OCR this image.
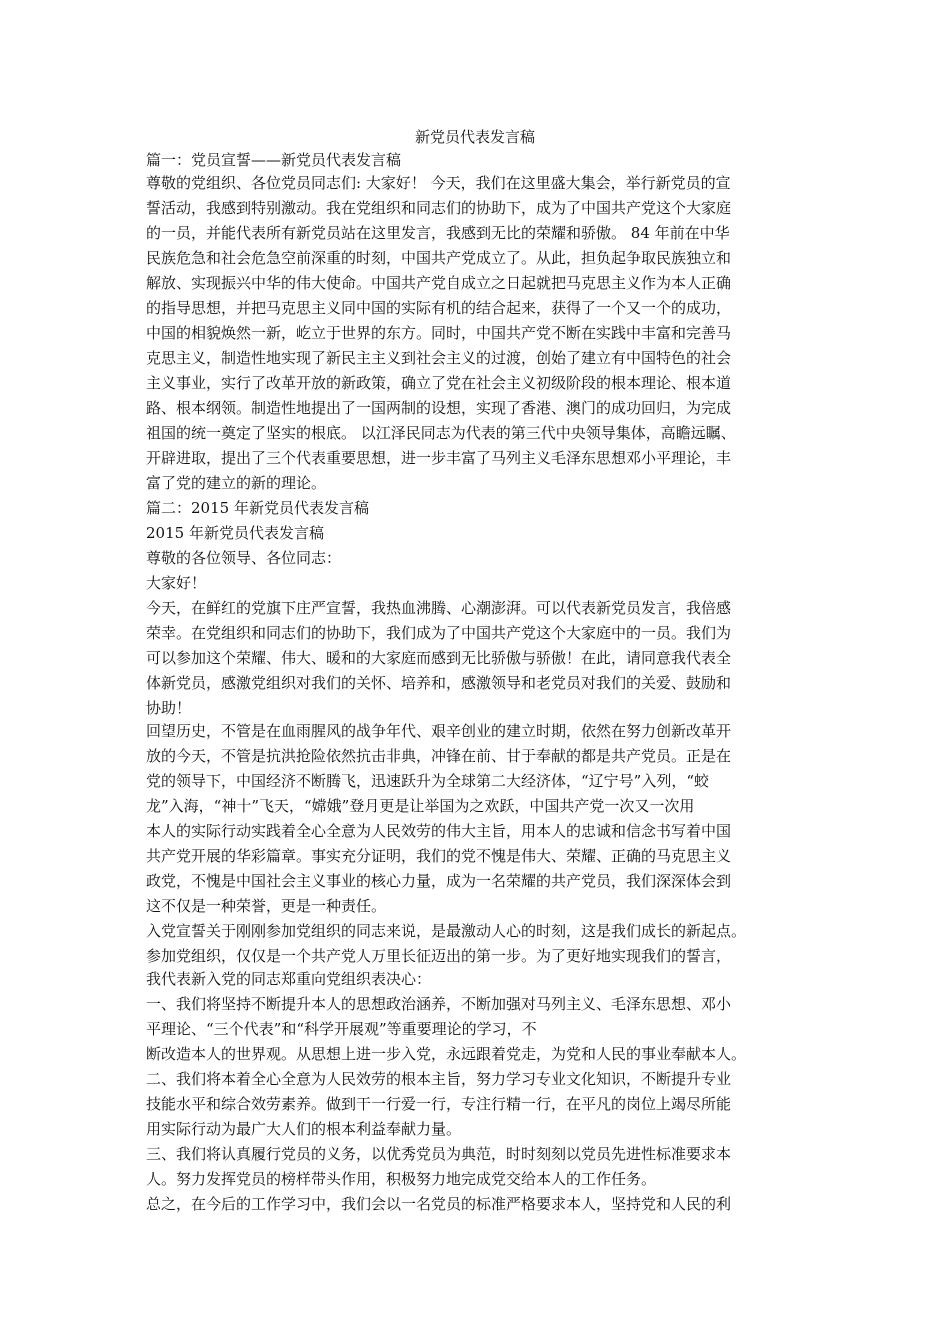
新党员代表发言稿
篇一：党员宣誓——新党员代表发言稿
尊敬的党组织、各位党员同志们: 大家好！ 今天，我们在这里盛大集会，举行新党员的宣
誓活动，我感到特别激动。我在党组织和同志们的协助下，成为了中国共产党这个大家庭
的一员，并能代表所有新党员站在这里发言，我感到无比的荣耀和骄傲。 84 年前在中华
民族危急和社会危急空前深重的时刻，中国共产党成立了。从此，担负起争取民族独立和
解放、实现振兴中华的伟大使命。中国共产党自成立之日起就把马克思主义作为本人正确
的指导思想，并把马克思主义同中国的实际有机的结合起来，获得了一个又一个的成功，
中国的相貌焕然一新，屹立于世界的东方。同时，中国共产党不断在实践中丰富和完善马
克思主义，制造性地实现了新民主主义到社会主义的过渡，创始了建立有中国特色的社会
主义事业，实行了改革开放的新政策，确立了党在社会主义初级阶段的根本理论、根本道
路、根本纲领。制造性地提出了一国两制的设想，实现了香港、澳门的成功回归，为完成
祖国的统一奠定了坚实的根底。 以江泽民同志为代表的第三代中央领导集体，高瞻远瞩、
开辟进取，提出了三个代表重要思想，进一步丰富了马列主义毛泽东思想邓小平理论，丰
富了党的建立的新的理论。
篇二：2015 年新党员代表发言稿
2015 年新党员代表发言稿
尊敬的各位领导、各位同志：
大家好！
今天，在鲜红的党旗下庄严宣誓，我热血沸腾、心潮澎湃。可以代表新党员发言，我倍感
荣幸。在党组织和同志们的协助下，我们成为了中国共产党这个大家庭中的一员。我们为
可以参加这个荣耀、伟大、暖和的大家庭而感到无比骄傲与骄傲！在此，请同意我代表全
体新党员，感激党组织对我们的关怀、培养和，感激领导和老党员对我们的关爱、鼓励和
协助！
回望历史，不管是在血雨腥风的战争年代、艰辛创业的建立时期，依然在努力创新改革开
放的今天，不管是抗洪抢险依然抗击非典，冲锋在前、甘于奉献的都是共产党员。正是在
党的领导下，中国经济不断腾飞，迅速跃升为全球第二大经济体，“辽宁号”入列，“蛟
龙”入海，“神十”飞天，“嫦娥”登月更是让举国为之欢跃，中国共产党一次又一次用
本人的实际行动实践着全心全意为人民效劳的伟大主旨，用本人的忠诚和信念书写着中国
共产党开展的华彩篇章。事实充分证明，我们的党不愧是伟大、荣耀、正确的马克思主义
政党，不愧是中国社会主义事业的核心力量，成为一名荣耀的共产党员，我们深深体会到
这不仅是一种荣誉，更是一种责任。
入党宣誓关于刚刚参加党组织的同志来说，是最激动人心的时刻，这是我们成长的新起点。
参加党组织，仅仅是一个共产党人万里长征迈出的第一步。为了更好地实现我们的誓言，
我代表新入党的同志郑重向党组织表决心：
一、我们将坚持不断提升本人的思想政治涵养，不断加强对马列主义、毛泽东思想、邓小
平理论、“三个代表”和“科学开展观”等重要理论的学习，不
断改造本人的世界观。从思想上进一步入党，永远跟着党走，为党和人民的事业奉献本人。
二、我们将本着全心全意为人民效劳的根本主旨，努力学习专业文化知识，不断提升专业
技能水平和综合效劳素养。做到干一行爱一行，专注行精一行，在平凡的岗位上竭尽所能
用实际行动为最广大人们的根本利益奉献力量。
三、我们将认真履行党员的义务，以优秀党员为典范，时时刻刻以党员先进性标准要求本
人。努力发挥党员的榜样带头作用，积极努力地完成党交给本人的工作任务。
总之，在今后的工作学习中，我们会以一名党员的标准严格要求本人，坚持党和人民的利
